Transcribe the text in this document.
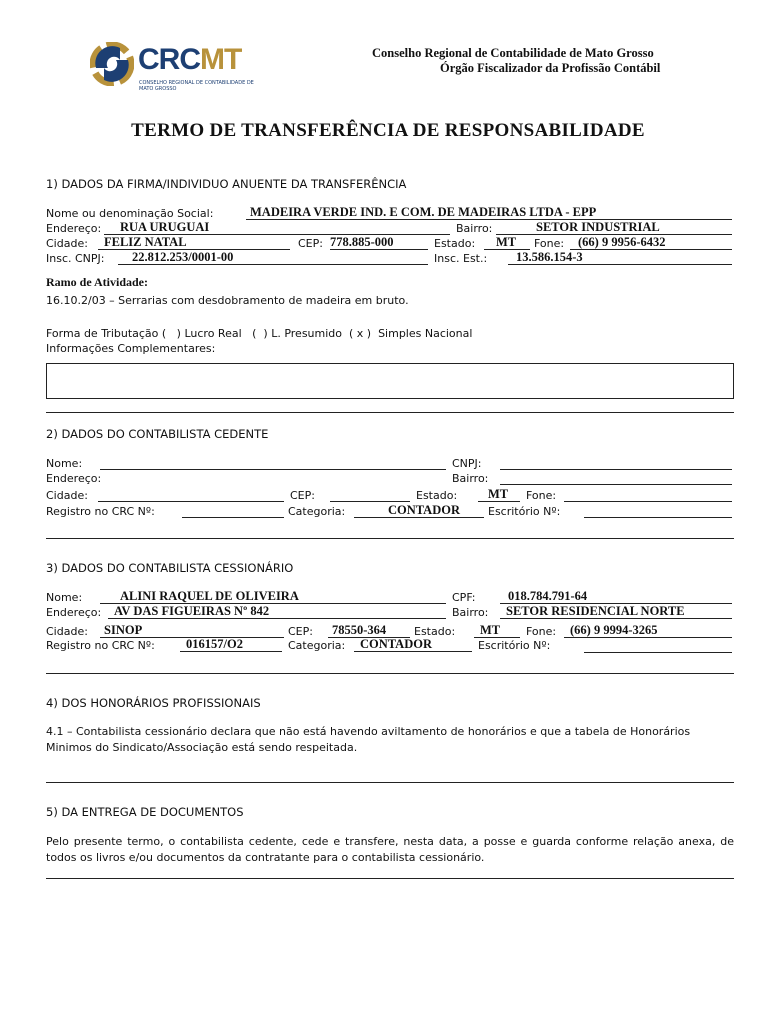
CRCMT
CONSELHO REGIONAL DE CONTABILIDADE DE MATO GROSSO
Conselho Regional de Contabilidade de Mato Grosso
Órgão Fiscalizador da Profissão Contábil
TERMO DE TRANSFERÊNCIA DE RESPONSABILIDADE
1) DADOS DA FIRMA/INDIVIDUO ANUENTE DA TRANSFERÊNCIA
Nome ou denominação Social:	MADEIRA VERDE IND. E COM. DE MADEIRAS LTDA - EPP
Endereço: RUA URUGUAI	Bairro:	SETOR INDUSTRIAL
Cidade: FELIZ NATAL	CEP: 778.885-000	Estado: MT Fone: (66) 9 9956-6432
Insc. CNPJ: 22.812.253/0001-00	Insc. Est.: 13.586.154-3
Ramo de Atividade:
16.10.2/03 – Serrarias com desdobramento de madeira em bruto.
Forma de Tributação (   ) Lucro Real   (  ) L. Presumido  ( x )  Simples Nacional
Informações Complementares:
2) DADOS DO CONTABILISTA CEDENTE
Nome:	CNPJ:
Endereço:	Bairro:
Cidade:	CEP:	Estado: MT Fone:
Registro no CRC Nº:	Categoria:	CONTADOR	Escritório Nº:
3) DADOS DO CONTABILISTA CESSIONÁRIO
Nome:	ALINI RAQUEL DE OLIVEIRA	CPF:	018.784.791-64
Endereço: AV DAS FIGUEIRAS Nº 842	Bairro: SETOR RESIDENCIAL NORTE
Cidade: SINOP	CEP: 78550-364	Estado: MT Fone: (66) 9 9994-3265
Registro no CRC Nº: 016157/O2	Categoria: CONTADOR	Escritório Nº:
4) DOS HONORÁRIOS PROFISSIONAIS
4.1 – Contabilista cessionário declara que não está havendo aviltamento de honorários e que a tabela de Honorários Minimos do Sindicato/Associação está sendo respeitada.
5) DA ENTREGA DE DOCUMENTOS
Pelo presente termo, o contabilista cedente, cede e transfere, nesta data, a posse e guarda conforme relação anexa, de todos os livros e/ou documentos da contratante para o contabilista cessionário.
